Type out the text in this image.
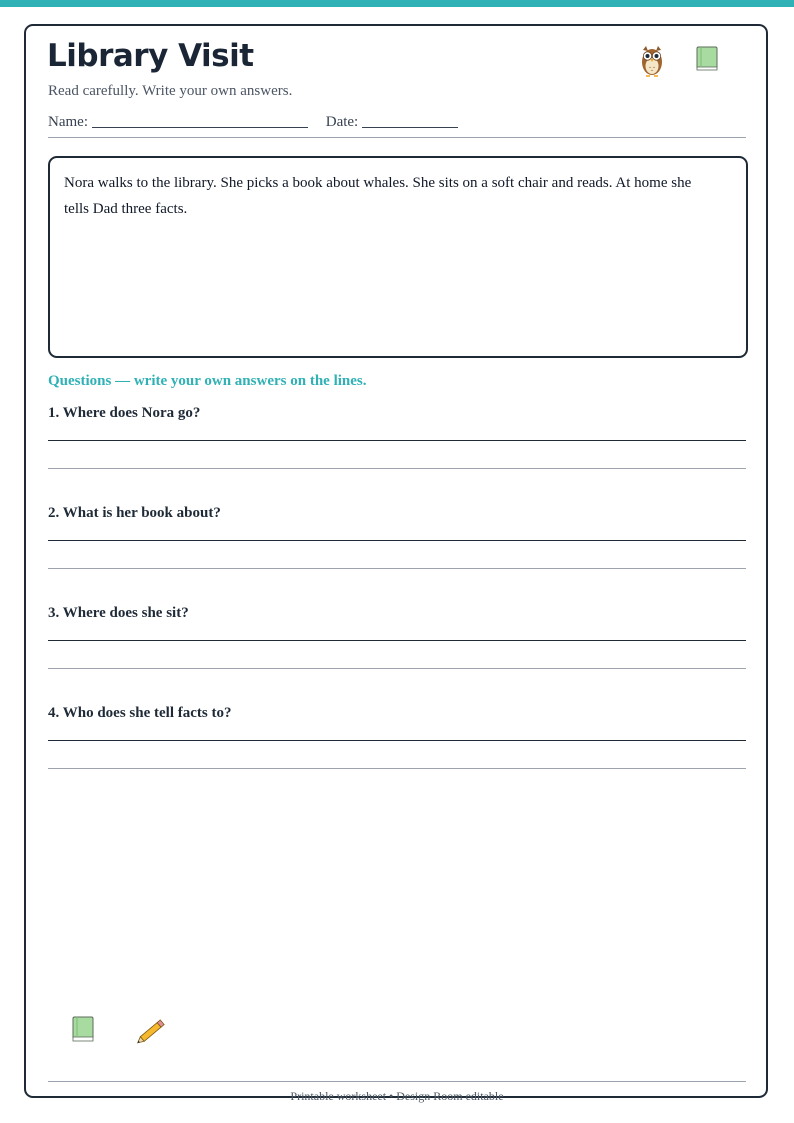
Library Visit
Read carefully. Write your own answers.
Name:	Date:
Nora walks to the library. She picks a book about whales. She sits on a soft chair and reads. At home she tells Dad three facts.
Questions — write your own answers on the lines.
1. Where does Nora go?
2. What is her book about?
3. Where does she sit?
4. Who does she tell facts to?
Printable worksheet • Design Room editable
